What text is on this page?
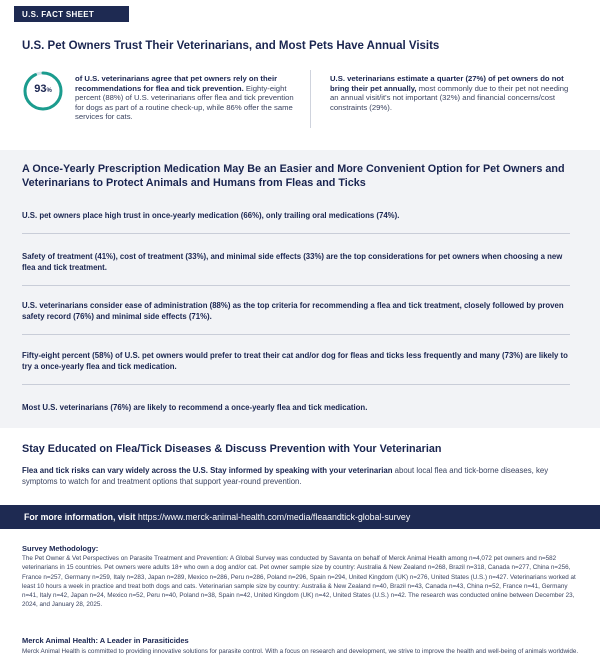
U.S. FACT SHEET
U.S. Pet Owners Trust Their Veterinarians, and Most Pets Have Annual Visits
93%
of U.S. veterinarians agree that pet owners rely on their recommendations for flea and tick prevention. Eighty-eight percent (88%) of U.S. veterinarians offer flea and tick prevention for dogs as part of a routine check-up, while 86% offer the same services for cats.
U.S. veterinarians estimate a quarter (27%) of pet owners do not bring their pet annually, most commonly due to their pet not needing an annual visit/it's not important (32%) and financial concerns/cost constraints (29%).
A Once-Yearly Prescription Medication May Be an Easier and More Convenient Option for Pet Owners and Veterinarians to Protect Animals and Humans from Fleas and Ticks
U.S. pet owners place high trust in once-yearly medication (66%), only trailing oral medications (74%).
Safety of treatment (41%), cost of treatment (33%), and minimal side effects (33%) are the top considerations for pet owners when choosing a new flea and tick treatment.
U.S. veterinarians consider ease of administration (88%) as the top criteria for recommending a flea and tick treatment, closely followed by proven safety record (76%) and minimal side effects (71%).
Fifty-eight percent (58%) of U.S. pet owners would prefer to treat their cat and/or dog for fleas and ticks less frequently and many (73%) are likely to try a once-yearly flea and tick medication.
Most U.S. veterinarians (76%) are likely to recommend a once-yearly flea and tick medication.
Stay Educated on Flea/Tick Diseases & Discuss Prevention with Your Veterinarian
Flea and tick risks can vary widely across the U.S. Stay informed by speaking with your veterinarian about local flea and tick-borne diseases, key symptoms to watch for and treatment options that support year-round prevention.
For more information, visit https://www.merck-animal-health.com/media/fleaandtick-global-survey
Survey Methodology:
The Pet Owner & Vet Perspectives on Parasite Treatment and Prevention: A Global Survey was conducted by Savanta on behalf of Merck Animal Health among n=4,072 pet owners and n=582 veterinarians in 15 countries. Pet owners were adults 18+ who own a dog and/or cat. Pet owner sample size by country: Australia & New Zealand n=268, Brazil n=318, Canada n=277, China n=256, France n=257, Germany n=259, Italy n=283, Japan n=289, Mexico n=286, Peru n=286, Poland n=296, Spain n=294, United Kingdom (UK) n=276, United States (U.S.) n=427. Veterinarians worked at least 10 hours a week in practice and treat both dogs and cats. Veterinarian sample size by country: Australia & New Zealand n=40, Brazil n=43, Canada n=43, China n=52, France n=41, Germany n=41, Italy n=42, Japan n=24, Mexico n=52, Peru n=40, Poland n=38, Spain n=42, United Kingdom (UK) n=42, United States (U.S.) n=42. The research was conducted online between December 23, 2024, and January 28, 2025.
Merck Animal Health: A Leader in Parasiticides
Merck Animal Health is committed to providing innovative solutions for parasite control. With a focus on research and development, we strive to improve the health and well-being of animals worldwide.
